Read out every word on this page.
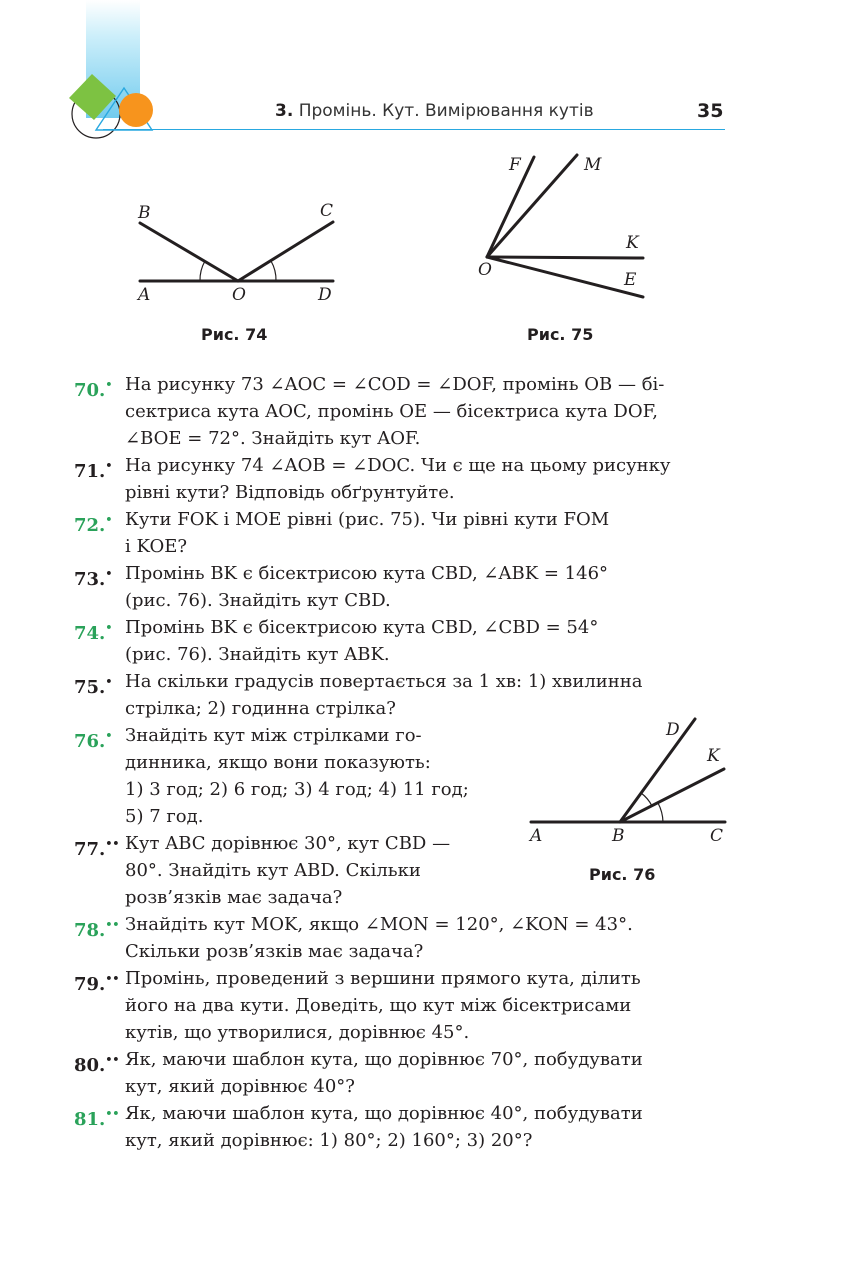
3. Промінь. Кут. Вимірювання кутів	35
B	C
A	O	D
Рис. 74
F	M
K
O	E
Рис. 75
D
K
A	B	C
Рис. 76
70.• На рисунку 73 ∠AOC = ∠COD = ∠DOF, промінь OB — бі-
сектриса кута AOC, промінь OE — бісектриса кута DOF,
∠BOE = 72°. Знайдіть кут AOF.
71.• На рисунку 74 ∠AOB = ∠DOC. Чи є ще на цьому рисунку
рівні кути? Відповідь обґрунтуйте.
72.• Кути FOK і MOE рівні (рис. 75). Чи рівні кути FOM
і KOE?
73.• Промінь BK є бісектрисою кута CBD, ∠ABK = 146°
(рис. 76). Знайдіть кут CBD.
74.• Промінь BK є бісектрисою кута CBD, ∠CBD = 54°
(рис. 76). Знайдіть кут ABK.
75.• На скільки градусів повертається за 1 хв: 1) хвилинна
стрілка; 2) годинна стрілка?
76.• Знайдіть кут між стрілками го-
динника, якщо вони показують:
1) 3 год; 2) 6 год; 3) 4 год; 4) 11 год;
5) 7 год.
77.•• Кут ABC дорівнює 30°, кут CBD —
80°. Знайдіть кут ABD. Скільки
розв’язків має задача?
78.•• Знайдіть кут MOK, якщо ∠MON = 120°, ∠KON = 43°.
Скільки розв’язків має задача?
79.•• Промінь, проведений з вершини прямого кута, ділить
його на два кути. Доведіть, що кут між бісектрисами
кутів, що утворилися, дорівнює 45°.
80.•• Як, маючи шаблон кута, що дорівнює 70°, побудувати
кут, який дорівнює 40°?
81.•• Як, маючи шаблон кута, що дорівнює 40°, побудувати
кут, який дорівнює: 1) 80°; 2) 160°; 3) 20°?
